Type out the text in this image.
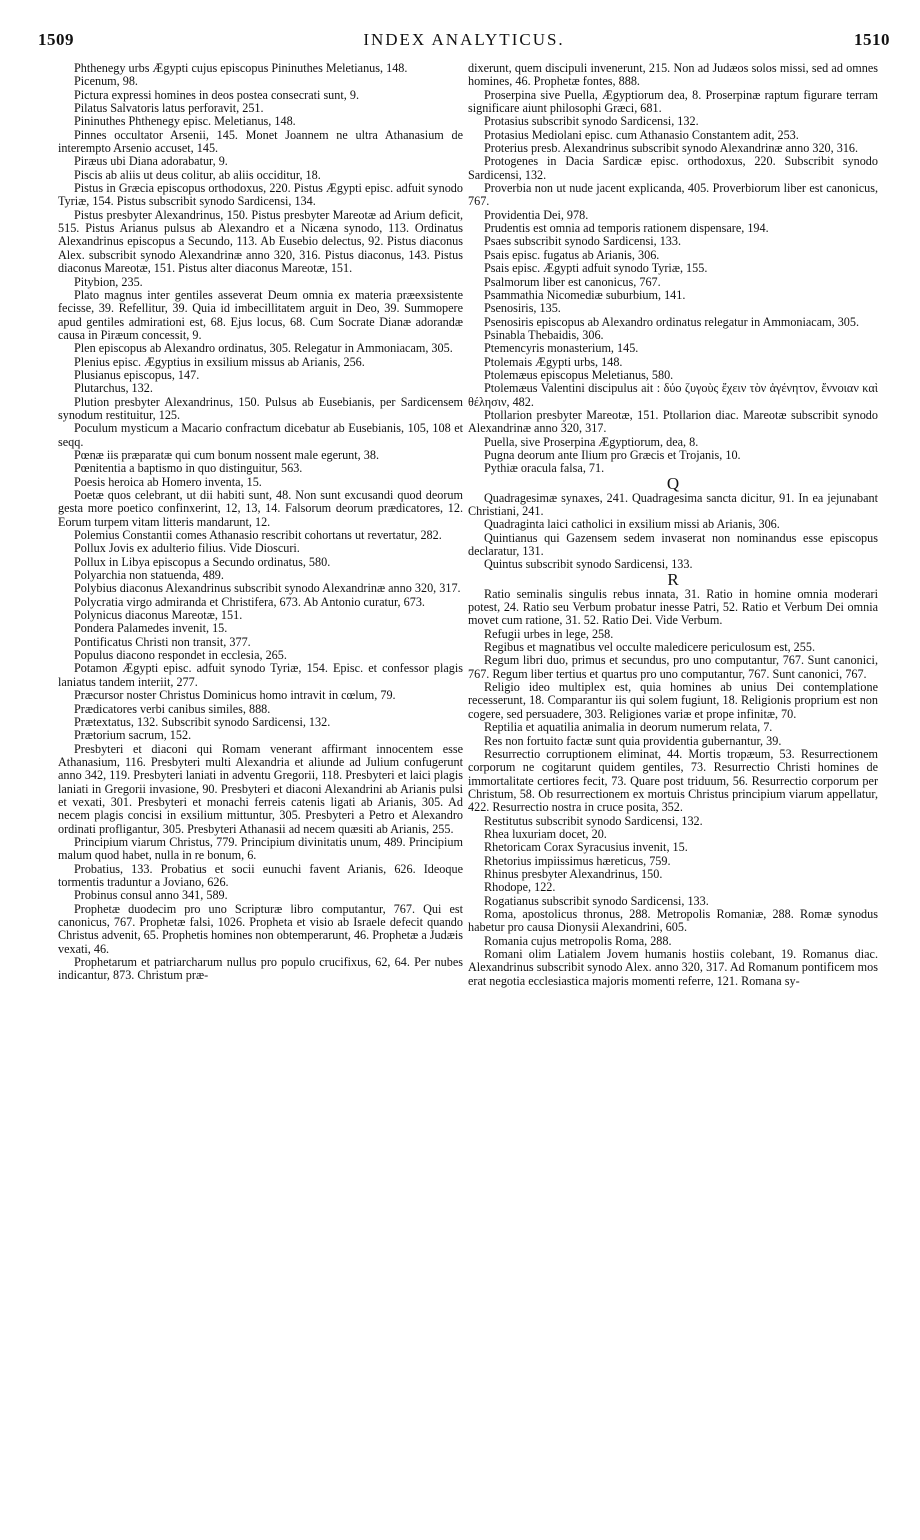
1509	INDEX ANALYTICUS.	1510

Phthenegy urbs Ægypti cujus episcopus Pininuthes Meletianus, 148.

Picenum, 98.

Pictura expressi homines in deos postea consecrati sunt, 9.

Pilatus Salvatoris latus perforavit, 251.

Pininuthes Phthenegy episc. Meletianus, 148.

Pinnes occultator Arsenii, 145. Monet Joannem ne ultra Athanasium de interempto Arsenio accuset, 145.

Piræus ubi Diana adorabatur, 9.

Piscis ab aliis ut deus colitur, ab aliis occiditur, 18.

Pistus in Græcia episcopus orthodoxus, 220. Pistus Ægypti episc. adfuit synodo Tyriæ, 154. Pistus subscribit synodo Sardicensi, 134.

Pistus presbyter Alexandrinus, 150. Pistus presbyter Mareotæ ad Arium deficit, 515. Pistus Arianus pulsus ab Alexandro et a Nicæna synodo, 113. Ordinatus Alexandrinus episcopus a Secundo, 113. Ab Eusebio delectus, 92. Pistus diaconus Alex. subscribit synodo Alexandrinæ anno 320, 316. Pistus diaconus, 143. Pistus diaconus Mareotæ, 151. Pistus alter diaconus Mareotæ, 151.

Pitybion, 235.

Plato magnus inter gentiles asseverat Deum omnia ex materia præexsistente fecisse, 39. Refellitur, 39. Quia id imbecillitatem arguit in Deo, 39. Summopere apud gentiles admirationi est, 68. Ejus locus, 68. Cum Socrate Dianæ adorandæ causa in Piræum concessit, 9.

Plen episcopus ab Alexandro ordinatus, 305. Relegatur in Ammoniacam, 305.

Plenius episc. Ægyptius in exsilium missus ab Arianis, 256.

Plusianus episcopus, 147.

Plutarchus, 132.

Plution presbyter Alexandrinus, 150. Pulsus ab Eusebianis, per Sardicensem synodum restituitur, 125.

Poculum mysticum a Macario confractum dicebatur ab Eusebianis, 105, 108 et seqq.

Pœnæ iis præparatæ qui cum bonum nossent male egerunt, 38.

Pœnitentia a baptismo in quo distinguitur, 563.

Poesis heroica ab Homero inventa, 15.

Poetæ quos celebrant, ut dii habiti sunt, 48. Non sunt excusandi quod deorum gesta more poetico confinxerint, 12, 13, 14. Falsorum deorum prædicatores, 12. Eorum turpem vitam litteris mandarunt, 12.

Polemius Constantii comes Athanasio rescribit cohortans ut revertatur, 282.

Pollux Jovis ex adulterio filius. Vide Dioscuri.

Pollux in Libya episcopus a Secundo ordinatus, 580.

Polyarchia non statuenda, 489.

Polybius diaconus Alexandrinus subscribit synodo Alexandrinæ anno 320, 317.

Polycratia virgo admiranda et Christifera, 673. Ab Antonio curatur, 673.

Polynicus diaconus Mareotæ, 151.

Pondera Palamedes invenit, 15.

Pontificatus Christi non transit, 377.

Populus diacono respondet in ecclesia, 265.

Potamon Ægypti episc. adfuit synodo Tyriæ, 154. Episc. et confessor plagis laniatus tandem interiit, 277.

Præcursor noster Christus Dominicus homo intravit in cœlum, 79.

Prædicatores verbi canibus similes, 888.

Prætextatus, 132. Subscribit synodo Sardicensi, 132.

Prætorium sacrum, 152.

Presbyteri et diaconi qui Romam venerant affirmant innocentem esse Athanasium, 116. Presbyteri multi Alexandria et aliunde ad Julium confugerunt anno 342, 119. Presbyteri laniati in adventu Gregorii, 118. Presbyteri et laici plagis laniati in Gregorii invasione, 90. Presbyteri et diaconi Alexandrini ab Arianis pulsi et vexati, 301. Presbyteri et monachi ferreis catenis ligati ab Arianis, 305. Ad necem plagis concisi in exsilium mittuntur, 305. Presbyteri a Petro et Alexandro ordinati profligantur, 305. Presbyteri Athanasii ad necem quæsiti ab Arianis, 255.

Principium viarum Christus, 779. Principium divinitatis unum, 489. Principium malum quod habet, nulla in re bonum, 6.

Probatius, 133. Probatius et socii eunuchi favent Arianis, 626. Ideoque tormentis traduntur a Joviano, 626.

Probinus consul anno 341, 589.

Prophetæ duodecim pro uno Scripturæ libro computantur, 767. Qui est canonicus, 767. Prophetæ falsi, 1026. Propheta et visio ab Israele defecit quando Christus advenit, 65. Prophetis homines non obtemperarunt, 46. Prophetæ a Judæis vexati, 46.

Prophetarum et patriarcharum nullus pro populo crucifixus, 62, 64. Per nubes indicantur, 873. Christum præ-

dixerunt, quem discipuli invenerunt, 215. Non ad Judæos solos missi, sed ad omnes homines, 46. Prophetæ fontes, 888.

Proserpina sive Puella, Ægyptiorum dea, 8. Proserpinæ raptum figurare terram significare aiunt philosophi Græci, 681.

Protasius subscribit synodo Sardicensi, 132.

Protasius Mediolani episc. cum Athanasio Constantem adit, 253.

Proterius presb. Alexandrinus subscribit synodo Alexandrinæ anno 320, 316.

Protogenes in Dacia Sardicæ episc. orthodoxus, 220. Subscribit synodo Sardicensi, 132.

Proverbia non ut nude jacent explicanda, 405. Proverbiorum liber est canonicus, 767.

Providentia Dei, 978.

Prudentis est omnia ad temporis rationem dispensare, 194.

Psaes subscribit synodo Sardicensi, 133.

Psais episc. fugatus ab Arianis, 306.

Psais episc. Ægypti adfuit synodo Tyriæ, 155.

Psalmorum liber est canonicus, 767.

Psammathia Nicomediæ suburbium, 141.

Psenosiris, 135.

Psenosiris episcopus ab Alexandro ordinatus relegatur in Ammoniacam, 305.

Psinabla Thebaidis, 306.

Ptemencyris monasterium, 145.

Ptolemais Ægypti urbs, 148.

Ptolemæus episcopus Meletianus, 580.

Ptolemæus Valentini discipulus ait : δύο ζυγοὺς ἔχειν τὸν ἀγένητον, ἔννοιαν καὶ θέλησιν, 482.

Ptollarion presbyter Mareotæ, 151. Ptollarion diac. Mareotæ subscribit synodo Alexandrinæ anno 320, 317.

Puella, sive Proserpina Ægyptiorum, dea, 8.

Pugna deorum ante Ilium pro Græcis et Trojanis, 10.

Pythiæ oracula falsa, 71.

Q

Quadragesimæ synaxes, 241. Quadragesima sancta dicitur, 91. In ea jejunabant Christiani, 241.

Quadraginta laici catholici in exsilium missi ab Arianis, 306.

Quintianus qui Gazensem sedem invaserat non nominandus esse episcopus declaratur, 131.

Quintus subscribit synodo Sardicensi, 133.

R

Ratio seminalis singulis rebus innata, 31. Ratio in homine omnia moderari potest, 24. Ratio seu Verbum probatur inesse Patri, 52. Ratio et Verbum Dei omnia movet cum ratione, 31. 52. Ratio Dei. Vide Verbum.

Refugii urbes in lege, 258.

Regibus et magnatibus vel occulte maledicere periculosum est, 255.

Regum libri duo, primus et secundus, pro uno computantur, 767. Sunt canonici, 767. Regum liber tertius et quartus pro uno computantur, 767. Sunt canonici, 767.

Religio ideo multiplex est, quia homines ab unius Dei contemplatione recesserunt, 18. Comparantur iis qui solem fugiunt, 18. Religionis proprium est non cogere, sed persuadere, 303. Religiones variæ et prope infinitæ, 70.

Reptilia et aquatilia animalia in deorum numerum relata, 7.

Res non fortuito factæ sunt quia providentia gubernantur, 39.

Resurrectio corruptionem eliminat, 44. Mortis tropæum, 53. Resurrectionem corporum ne cogitarunt quidem gentiles, 73. Resurrectio Christi homines de immortalitate certiores fecit, 73. Quare post triduum, 56. Resurrectio corporum per Christum, 58. Ob resurrectionem ex mortuis Christus principium viarum appellatur, 422. Resurrectio nostra in cruce posita, 352.

Restitutus subscribit synodo Sardicensi, 132.

Rhea luxuriam docet, 20.

Rhetoricam Corax Syracusius invenit, 15.

Rhetorius impiissimus hæreticus, 759.

Rhinus presbyter Alexandrinus, 150.

Rhodope, 122.

Rogatianus subscribit synodo Sardicensi, 133.

Roma, apostolicus thronus, 288. Metropolis Romaniæ, 288. Romæ synodus habetur pro causa Dionysii Alexandrini, 605.

Romania cujus metropolis Roma, 288.

Romani olim Latialem Jovem humanis hostiis colebant, 19. Romanus diac. Alexandrinus subscribit synodo Alex. anno 320, 317. Ad Romanum pontificem mos erat negotia ecclesiastica majoris momenti referre, 121. Romana sy-
